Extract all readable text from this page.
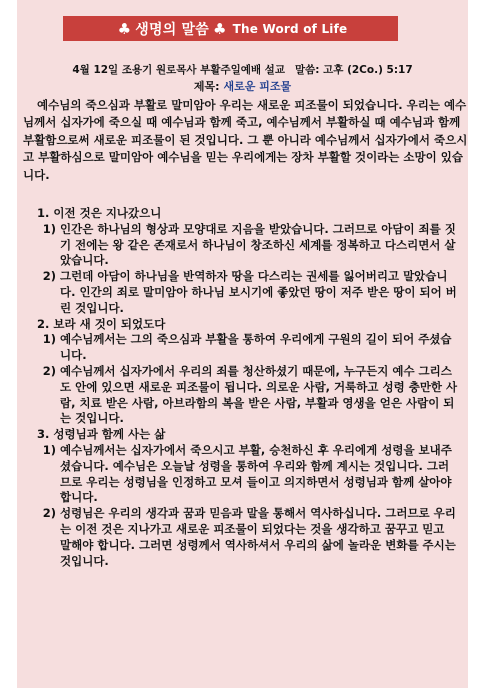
♣ 생명의 말씀 ♣ The Word of Life
4월 12일 조용기 원로목사 부활주일예배 설교 말씀: 고후 (2Co.) 5:17
제목: 새로운 피조물

예수님의 죽으심과 부활로 말미암아 우리는 새로운 피조물이 되었습니다. 우리는 예수님께서 십자가에 죽으실 때 예수님과 함께 죽고, 예수님께서 부활하실 때 예수님과 함께 부활함으로써 새로운 피조물이 된 것입니다. 그 뿐 아니라 예수님께서 십자가에서 죽으시고 부활하심으로 말미암아 예수님을 믿는 우리에게는 장차 부활할 것이라는 소망이 있습니다.

1. 이전 것은 지나갔으니

1) 인간은 하나님의 형상과 모양대로 지음을 받았습니다. 그러므로 아담이 죄를 짓기 전에는 왕 같은 존재로서 하나님이 창조하신 세계를 정복하고 다스리면서 살았습니다.
2) 그런데 아담이 하나님을 반역하자 땅을 다스리는 권세를 잃어버리고 말았습니다. 인간의 죄로 말미암아 하나님 보시기에 좋았던 땅이 저주 받은 땅이 되어 버린 것입니다.

2. 보라 새 것이 되었도다

1) 예수님께서는 그의 죽으심과 부활을 통하여 우리에게 구원의 길이 되어 주셨습니다.
2) 예수님께서 십자가에서 우리의 죄를 청산하셨기 때문에, 누구든지 예수 그리스도 안에 있으면 새로운 피조물이 됩니다. 의로운 사람, 거룩하고 성령 충만한 사람, 치료 받은 사람, 아브라함의 복을 받은 사람, 부활과 영생을 얻은 사람이 되는 것입니다.

3. 성령님과 함께 사는 삶

1) 예수님께서는 십자가에서 죽으시고 부활, 승천하신 후 우리에게 성령을 보내주셨습니다. 예수님은 오늘날 성령을 통하여 우리와 함께 계시는 것입니다. 그러므로 우리는 성령님을 인정하고 모셔 들이고 의지하면서 성령님과 함께 살아야 합니다.
2) 성령님은 우리의 생각과 꿈과 믿음과 말을 통해서 역사하십니다. 그러므로 우리는 이전 것은 지나가고 새로운 피조물이 되었다는 것을 생각하고 꿈꾸고 믿고 말해야 합니다. 그러면 성령께서 역사하셔서 우리의 삶에 놀라운 변화를 주시는 것입니다.
